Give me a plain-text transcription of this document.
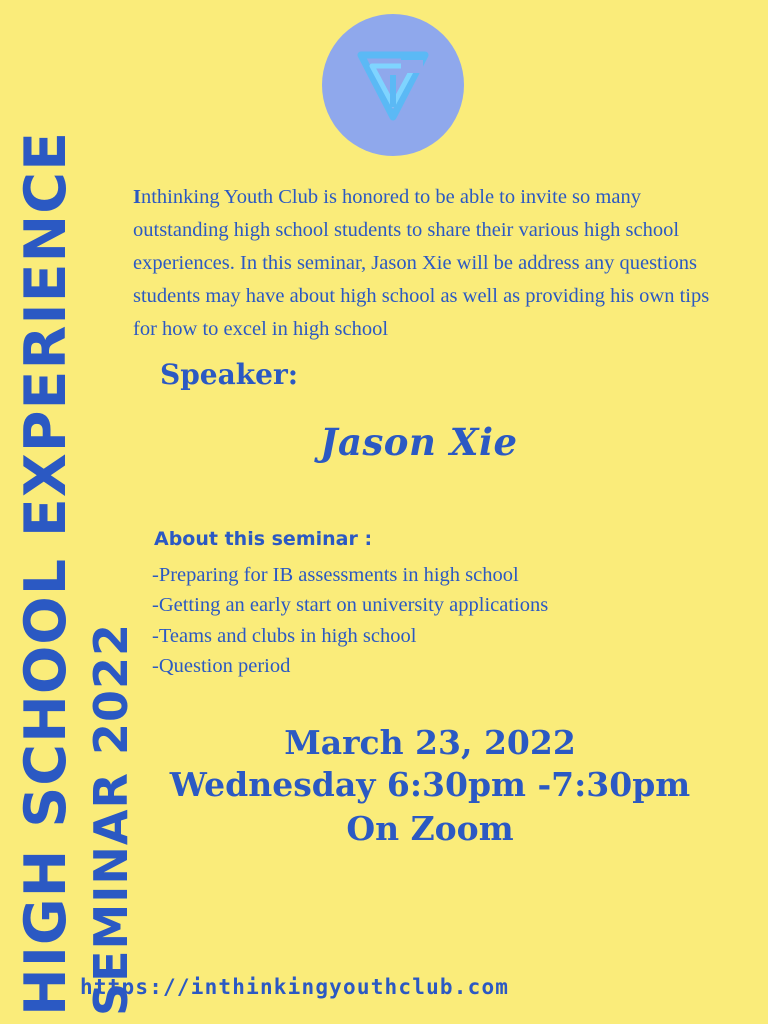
HIGH SCHOOL EXPERIENCE SEMINAR 2022

Inthinking Youth Club is honored to be able to invite so many outstanding high school students to share their various high school experiences. In this seminar, Jason Xie will be address any questions students may have about high school as well as providing his own tips for how to excel in high school

Speaker:
Jason Xie
About this seminar :
-Preparing for IB assessments in high school
-Getting an early start on university applications
-Teams and clubs in high school
-Question period
March 23, 2022
Wednesday 6:30pm -7:30pm
On Zoom
https://inthinkingyouthclub.com
